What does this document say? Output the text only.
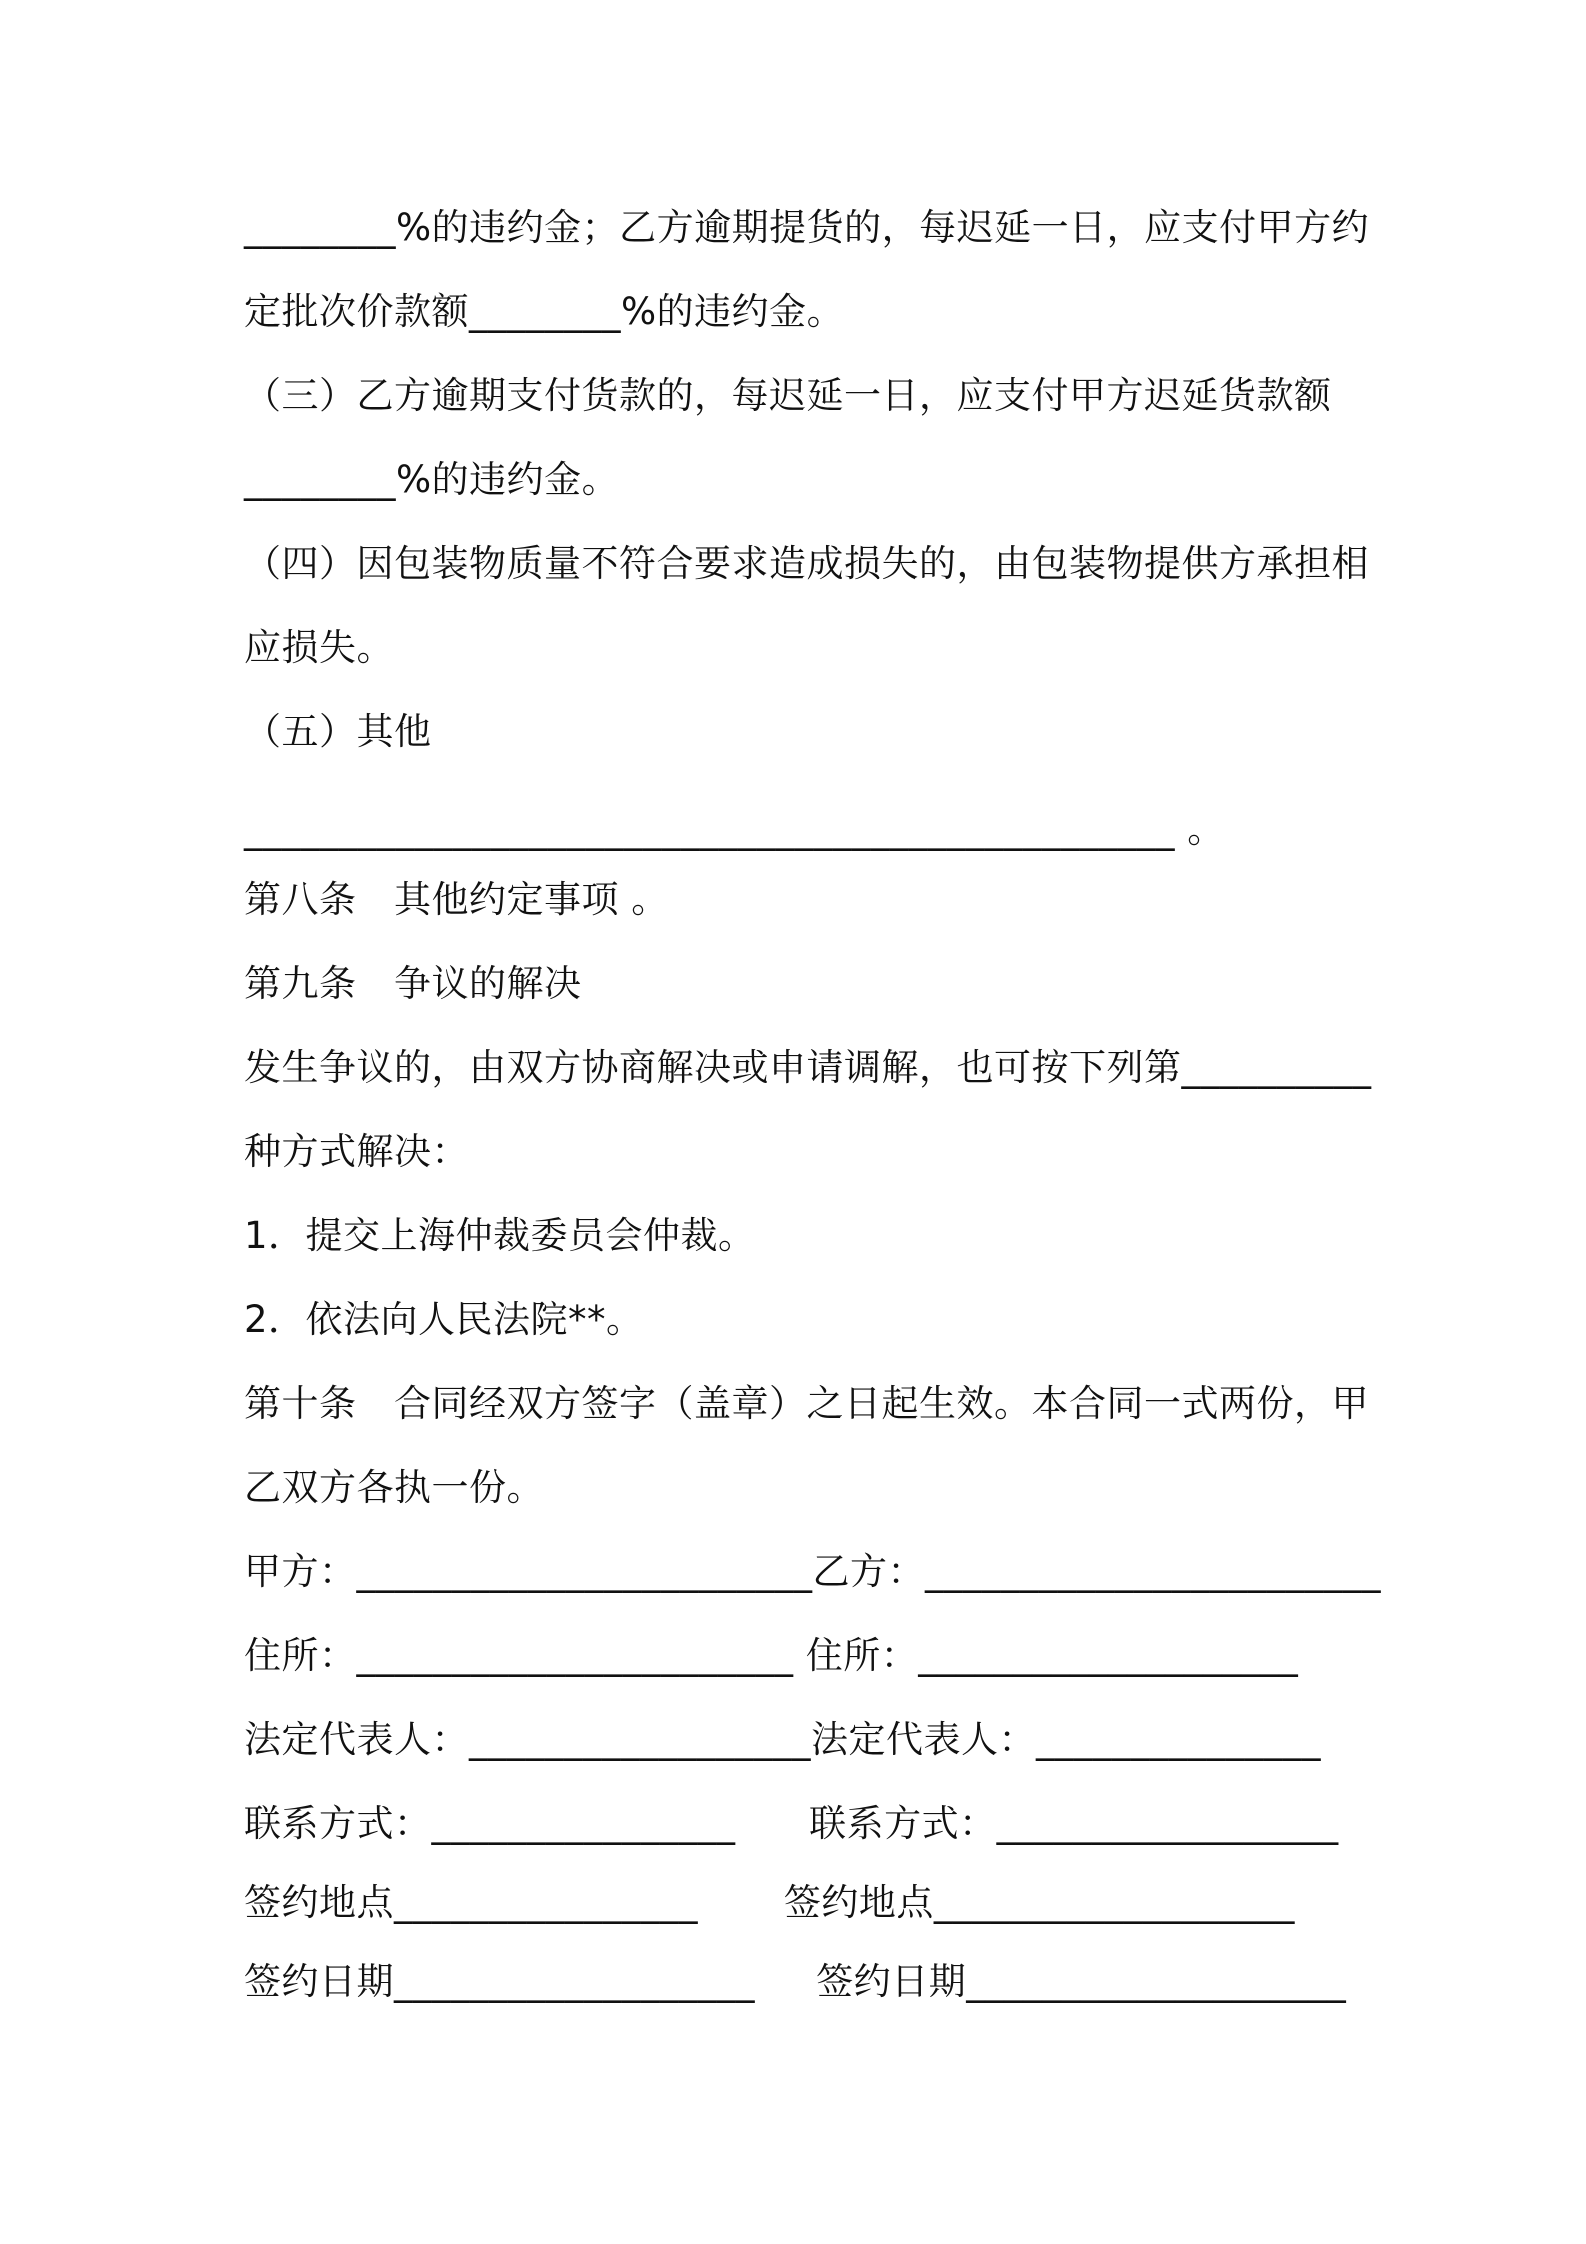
________%的违约金；乙方逾期提货的，每迟延一日，应支付甲方约
定批次价款额________%的违约金。
（三）乙方逾期支付货款的，每迟延一日，应支付甲方迟延货款额
________%的违约金。
（四）因包装物质量不符合要求造成损失的，由包装物提供方承担相
应损失。
（五）其他
_________________________________________________ 。
第八条　其他约定事项 。
第九条　争议的解决
发生争议的，由双方协商解决或申请调解，也可按下列第__________
种方式解决：
1．提交上海仲裁委员会仲裁。
2．依法向人民法院**。
第十条　合同经双方签字（盖章）之日起生效。本合同一式两份，甲
乙双方各执一份。
甲方：________________________乙方：________________________
住所：_______________________ 住所：____________________
法定代表人：__________________法定代表人：_______________
联系方式：________________      联系方式：__________________
签约地点________________       签约地点___________________
签约日期___________________     签约日期____________________
